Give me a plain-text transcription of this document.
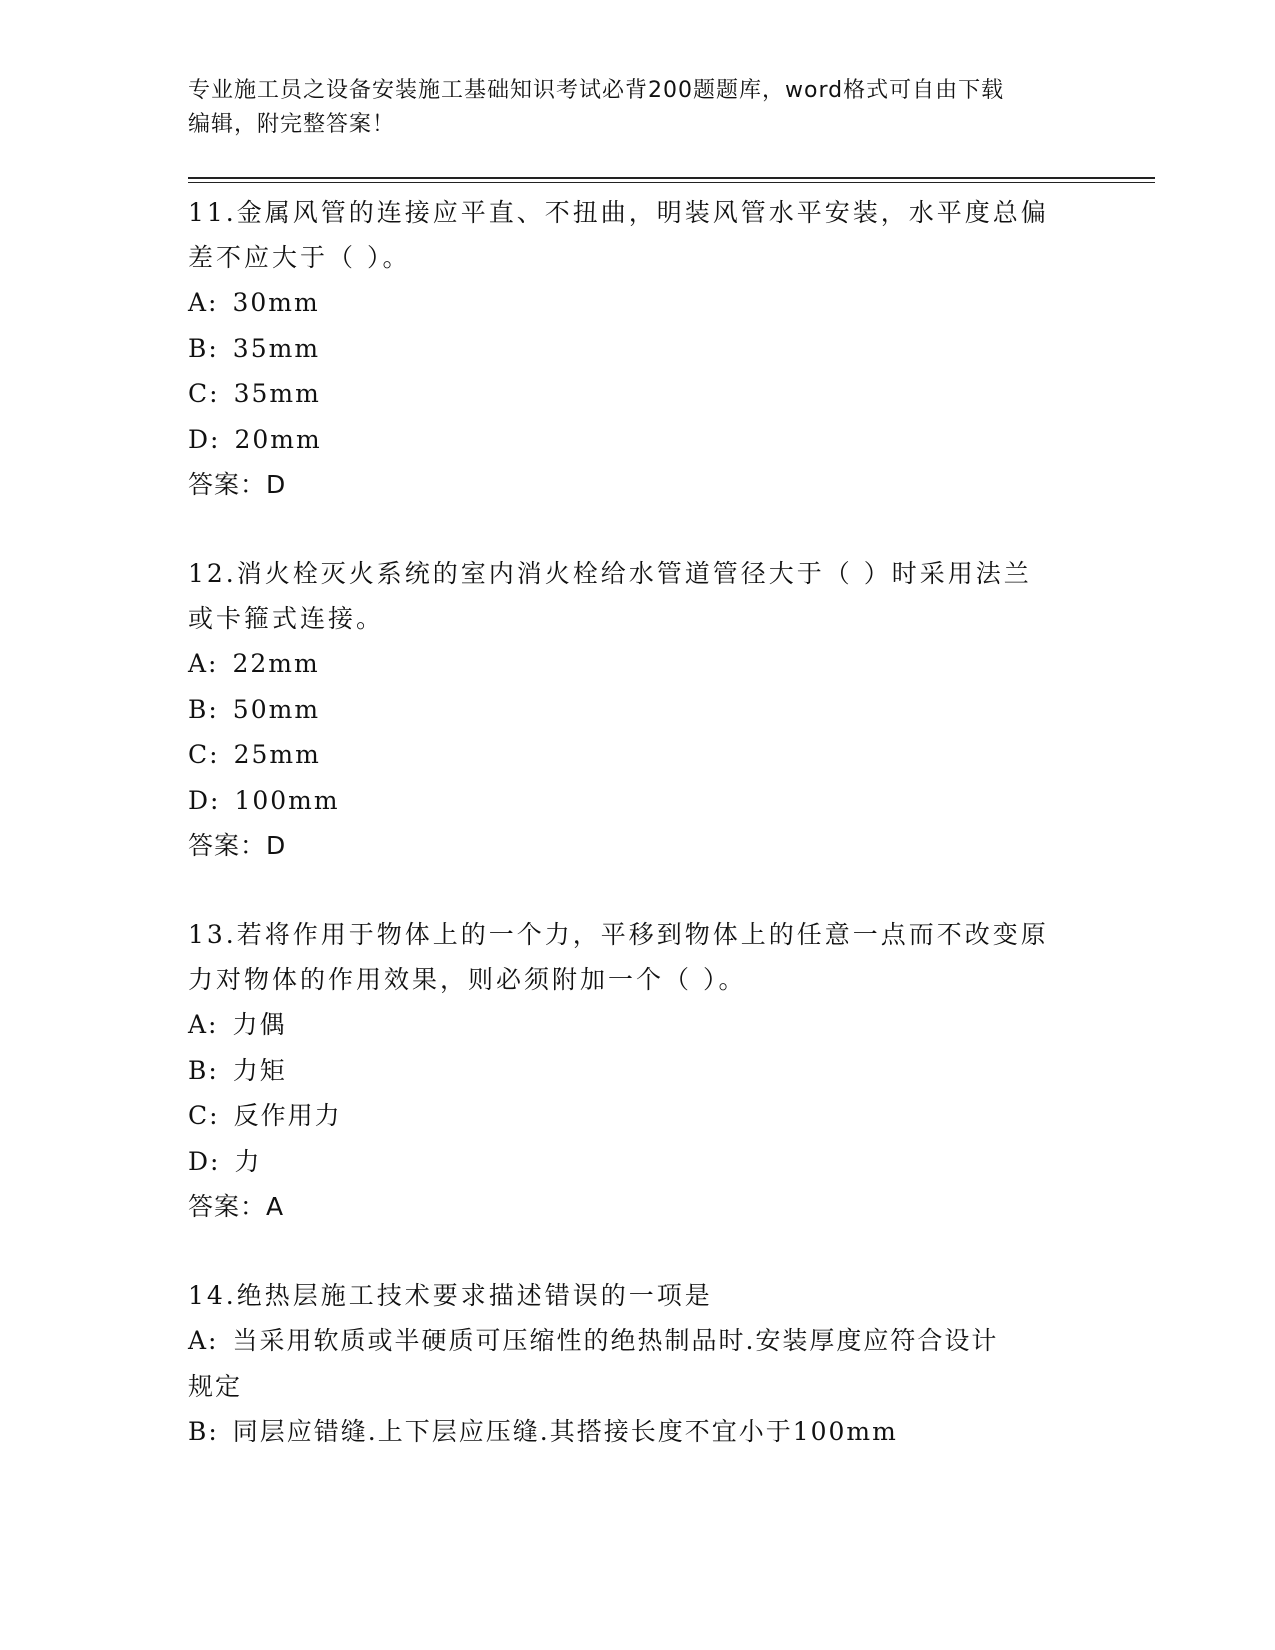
专业施工员之设备安装施工基础知识考试必背200题题库，word格式可自由下载
编辑，附完整答案！
11.金属风管的连接应平直、不扭曲，明装风管水平安装，水平度总偏
差不应大于（ ）。
A: 30mm
B: 35mm
C: 35mm
D: 20mm
答案：D
12.消火栓灭火系统的室内消火栓给水管道管径大于（ ）时采用法兰
或卡箍式连接。
A: 22mm
B: 50mm
C: 25mm
D: 100mm
答案：D
13.若将作用于物体上的一个力，平移到物体上的任意一点而不改变原
力对物体的作用效果，则必须附加一个（ ）。
A: 力偶
B: 力矩
C: 反作用力
D: 力
答案：A
14.绝热层施工技术要求描述错误的一项是
A: 当采用软质或半硬质可压缩性的绝热制品时.安装厚度应符合设计
规定
B: 同层应错缝.上下层应压缝.其搭接长度不宜小于100mm
